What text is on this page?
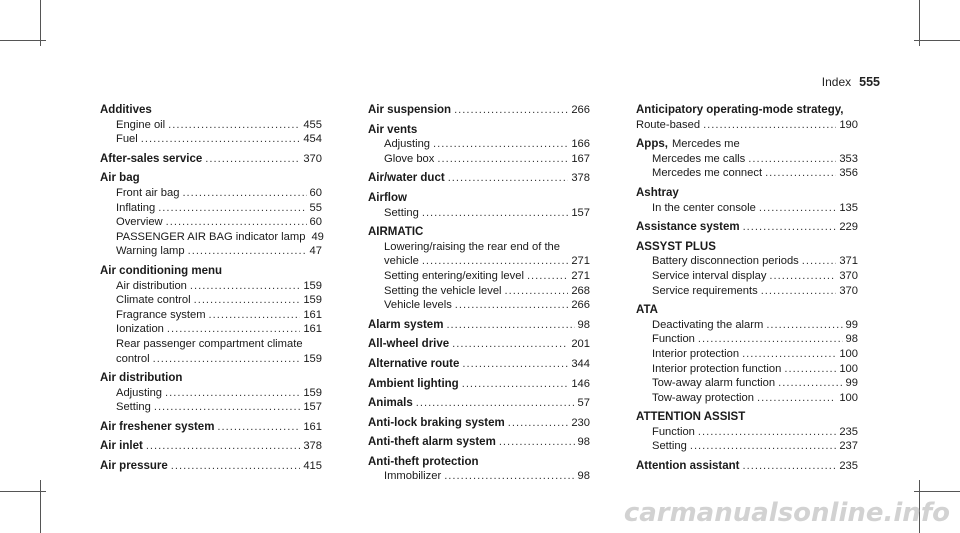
Index 555
Additives
Engine oil .....	455
Fuel .....	454
After-sales service .....	370
Air bag
Front air bag .....	60
Inflating .....	55
Overview .....	60
PASSENGER AIR BAG indicator lamp 49
Warning lamp .....	47
Air conditioning menu
Air distribution .....	159
Climate control .....	159
Fragrance system .....	161
Ionization .....	161
Rear passenger compartment climate
control .....	159
Air distribution
Adjusting .....	159
Setting .....	157
Air freshener system .....	161
Air inlet .....	378
Air pressure .....	415
Air suspension .....	266
Air vents
Adjusting .....	166
Glove box .....	167
Air/water duct .....	378
Airflow
Setting .....	157
AIRMATIC
Lowering/raising the rear end of the
vehicle .....	271
Setting entering/exiting level .....	271
Setting the vehicle level .....	268
Vehicle levels .....	266
Alarm system .....	98
All-wheel drive .....	201
Alternative route .....	344
Ambient lighting .....	146
Animals .....	57
Anti-lock braking system .....	230
Anti-theft alarm system .....	98
Anti-theft protection
Immobilizer .....	98
Anticipatory operating-mode strategy,
Route-based .....	190
Apps, Mercedes me
Mercedes me calls .....	353
Mercedes me connect .....	356
Ashtray
In the center console .....	135
Assistance system .....	229
ASSYST PLUS
Battery disconnection periods .....	371
Service interval display .....	370
Service requirements .....	370
ATA
Deactivating the alarm .....	99
Function .....	98
Interior protection .....	100
Interior protection function .....	100
Tow-away alarm function .....	99
Tow-away protection .....	100
ATTENTION ASSIST
Function .....	235
Setting .....	237
Attention assistant .....	235
carmanualsonline.info
